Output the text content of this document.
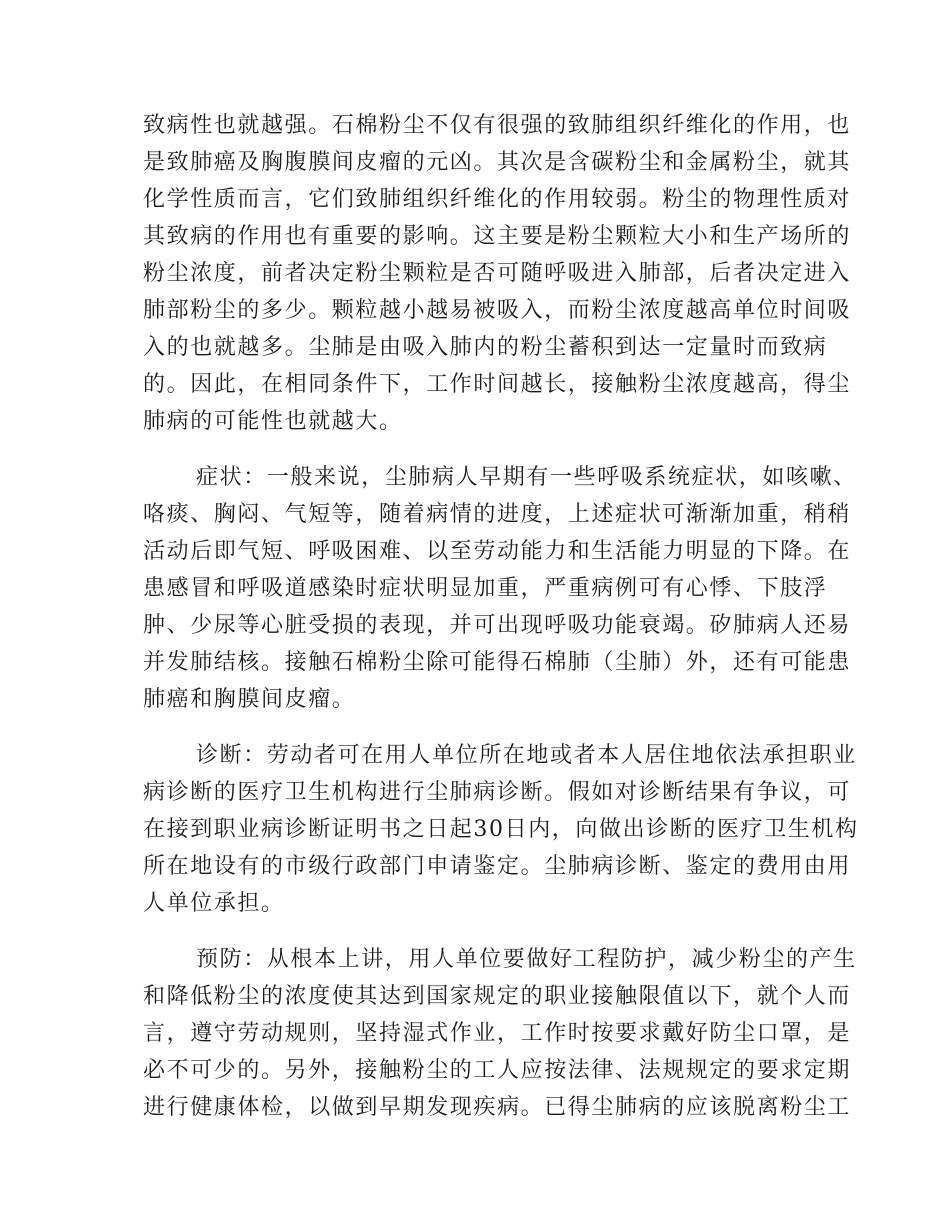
致病性也就越强。石棉粉尘不仅有很强的致肺组织纤维化的作用，也
是致肺癌及胸腹膜间皮瘤的元凶。其次是含碳粉尘和金属粉尘，就其
化学性质而言，它们致肺组织纤维化的作用较弱。粉尘的物理性质对
其致病的作用也有重要的影响。这主要是粉尘颗粒大小和生产场所的
粉尘浓度，前者决定粉尘颗粒是否可随呼吸进入肺部，后者决定进入
肺部粉尘的多少。颗粒越小越易被吸入，而粉尘浓度越高单位时间吸
入的也就越多。尘肺是由吸入肺内的粉尘蓄积到达一定量时而致病
的。因此，在相同条件下，工作时间越长，接触粉尘浓度越高，得尘
肺病的可能性也就越大。
症状：一般来说，尘肺病人早期有一些呼吸系统症状，如咳嗽、
咯痰、胸闷、气短等，随着病情的进度，上述症状可渐渐加重，稍稍
活动后即气短、呼吸困难、以至劳动能力和生活能力明显的下降。在
患感冒和呼吸道感染时症状明显加重，严重病例可有心悸、下肢浮
肿、少尿等心脏受损的表现，并可出现呼吸功能衰竭。矽肺病人还易
并发肺结核。接触石棉粉尘除可能得石棉肺（尘肺）外，还有可能患
肺癌和胸膜间皮瘤。
诊断：劳动者可在用人单位所在地或者本人居住地依法承担职业
病诊断的医疗卫生机构进行尘肺病诊断。假如对诊断结果有争议，可
在接到职业病诊断证明书之日起30日内，向做出诊断的医疗卫生机构
所在地设有的市级行政部门申请鉴定。尘肺病诊断、鉴定的费用由用
人单位承担。
预防：从根本上讲，用人单位要做好工程防护，减少粉尘的产生
和降低粉尘的浓度使其达到国家规定的职业接触限值以下，就个人而
言，遵守劳动规则，坚持湿式作业，工作时按要求戴好防尘口罩，是
必不可少的。另外，接触粉尘的工人应按法律、法规规定的要求定期
进行健康体检，以做到早期发现疾病。已得尘肺病的应该脱离粉尘工
